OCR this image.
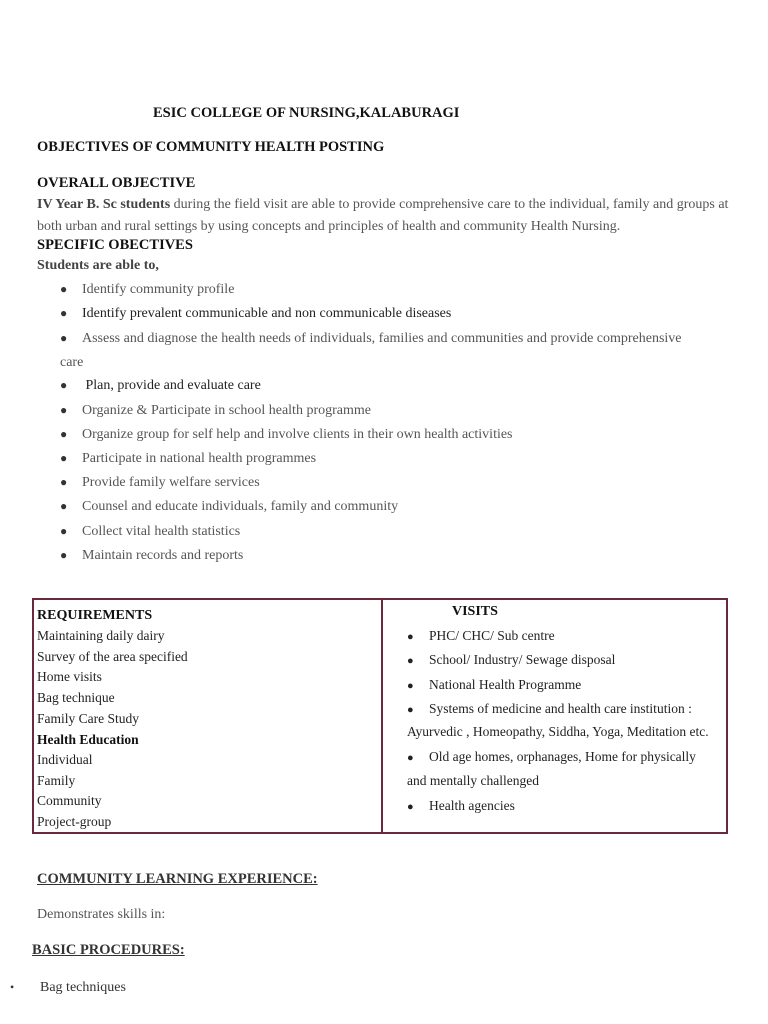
ESIC COLLEGE OF NURSING,KALABURAGI
OBJECTIVES OF COMMUNITY HEALTH POSTING
OVERALL OBJECTIVE
IV Year B. Sc students during the field visit are able to provide comprehensive care to the individual, family and groups at both urban and rural settings by using concepts and principles of health and community Health Nursing.
SPECIFIC OBECTIVES
Students are able to,
● Identify community profile
● Identify prevalent communicable and non communicable diseases
● Assess and diagnose the health needs of individuals, families and communities and provide comprehensive
care
● Plan, provide and evaluate care
● Organize & Participate in school health programme
● Organize group for self help and involve clients in their own health activities
● Participate in national health programmes
● Provide family welfare services
● Counsel and educate individuals, family and community
● Collect vital health statistics
● Maintain records and reports
REQUIREMENTS
Maintaining daily dairy
Survey of the area specified
Home visits
Bag technique
Family Care Study
Health Education
Individual
Family
Community
Project-group
VISITS
● PHC/ CHC/ Sub centre
● School/ Industry/ Sewage disposal
● National Health Programme
● Systems of medicine and health care institution :
Ayurvedic , Homeopathy, Siddha, Yoga, Meditation etc.
● Old age homes, orphanages, Home for physically
and mentally challenged
● Health agencies
COMMUNITY LEARNING EXPERIENCE:
Demonstrates skills in:
BASIC PROCEDURES:
• Bag techniques
